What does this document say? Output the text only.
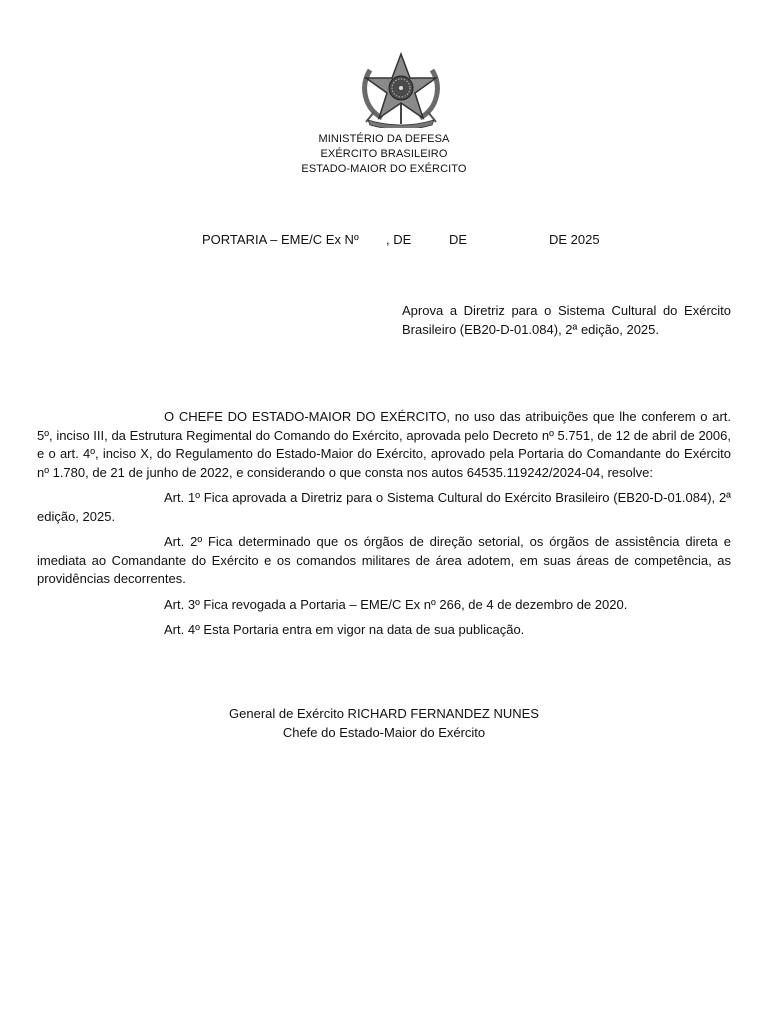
MINISTÉRIO DA DEFESA
EXÉRCITO BRASILEIRO
ESTADO-MAIOR DO EXÉRCITO
PORTARIA – EME/C Ex Nº , DE	DE	DE 2025
Aprova a Diretriz para o Sistema Cultural do Exército Brasileiro (EB20-D-01.084), 2ª edição, 2025.

O CHEFE DO ESTADO-MAIOR DO EXÉRCITO, no uso das atribuições que lhe conferem o art. 5º, inciso III, da Estrutura Regimental do Comando do Exército, aprovada pelo Decreto nº 5.751, de 12 de abril de 2006, e o art. 4º, inciso X, do Regulamento do Estado-Maior do Exército, aprovado pela Portaria do Comandante do Exército nº 1.780, de 21 de junho de 2022, e considerando o que consta nos autos 64535.119242/2024-04, resolve:

Art. 1º Fica aprovada a Diretriz para o Sistema Cultural do Exército Brasileiro (EB20-D-01.084), 2ª edição, 2025.

Art. 2º Fica determinado que os órgãos de direção setorial, os órgãos de assistência direta e imediata ao Comandante do Exército e os comandos militares de área adotem, em suas áreas de competência, as providências decorrentes.

Art. 3º Fica revogada a Portaria – EME/C Ex nº 266, de 4 de dezembro de 2020.

Art. 4º Esta Portaria entra em vigor na data de sua publicação.

General de Exército RICHARD FERNANDEZ NUNES
Chefe do Estado-Maior do Exército
